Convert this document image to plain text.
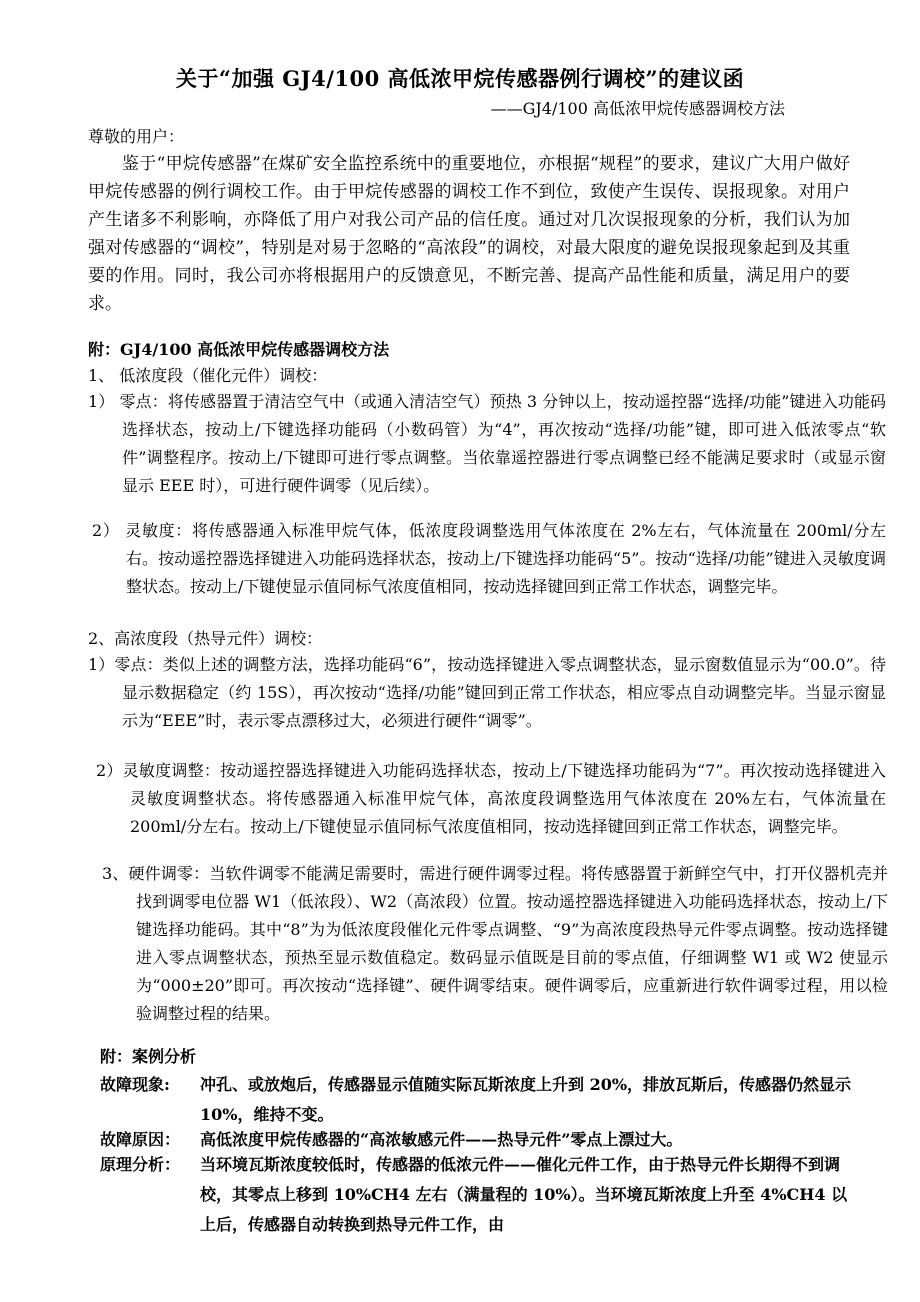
关于“加强 GJ4/100 高低浓甲烷传感器例行调校”的建议函
——GJ4/100 高低浓甲烷传感器调校方法
尊敬的用户：

鉴于“甲烷传感器”在煤矿安全监控系统中的重要地位，亦根据“规程”的要求，建议广大用户做好甲烷传感器的例行调校工作。由于甲烷传感器的调校工作不到位，致使产生误传、误报现象。对用户产生诸多不利影响，亦降低了用户对我公司产品的信任度。通过对几次误报现象的分析，我们认为加强对传感器的“调校”，特别是对易于忽略的“高浓段”的调校，对最大限度的避免误报现象起到及其重要的作用。同时，我公司亦将根据用户的反馈意见，不断完善、提高产品性能和质量，满足用户的要求。

附：GJ4/100 高低浓甲烷传感器调校方法

1、 低浓度段（催化元件）调校：

1） 零点：将传感器置于清洁空气中（或通入清洁空气）预热 3 分钟以上，按动遥控器“选择/功能”键进入功能码选择状态，按动上/下键选择功能码（小数码管）为“4”，再次按动“选择/功能”键，即可进入低浓零点“软件”调整程序。按动上/下键即可进行零点调整。当依靠遥控器进行零点调整已经不能满足要求时（或显示窗显示 EEE 时），可进行硬件调零（见后续）。

2） 灵敏度：将传感器通入标准甲烷气体，低浓度段调整选用气体浓度在 2%左右，气体流量在 200ml/分左右。按动遥控器选择键进入功能码选择状态，按动上/下键选择功能码“5”。按动“选择/功能”键进入灵敏度调整状态。按动上/下键使显示值同标气浓度值相同，按动选择键回到正常工作状态，调整完毕。

2、高浓度段（热导元件）调校：

1）零点：类似上述的调整方法，选择功能码“6”，按动选择键进入零点调整状态，显示窗数值显示为“00.0”。待显示数据稳定（约 15S），再次按动“选择/功能”键回到正常工作状态，相应零点自动调整完毕。当显示窗显示为“EEE”时，表示零点漂移过大，必须进行硬件“调零”。

2）灵敏度调整：按动遥控器选择键进入功能码选择状态，按动上/下键选择功能码为“7”。再次按动选择键进入灵敏度调整状态。将传感器通入标准甲烷气体，高浓度段调整选用气体浓度在 20%左右，气体流量在 200ml/分左右。按动上/下键使显示值同标气浓度值相同，按动选择键回到正常工作状态，调整完毕。

3、硬件调零：当软件调零不能满足需要时，需进行硬件调零过程。将传感器置于新鲜空气中，打开仪器机壳并找到调零电位器 W1（低浓段）、W2（高浓段）位置。按动遥控器选择键进入功能码选择状态，按动上/下键选择功能码。其中“8”为为低浓度段催化元件零点调整、“9”为高浓度段热导元件零点调整。按动选择键进入零点调整状态，预热至显示数值稳定。数码显示值既是目前的零点值，仔细调整 W1 或 W2 使显示为“000±20”即可。再次按动“选择键”、硬件调零结束。硬件调零后，应重新进行软件调零过程，用以检验调整过程的结果。

附：案例分析

故障现象:	冲孔、或放炮后，传感器显示值随实际瓦斯浓度上升到 20%，排放瓦斯后，传感器仍然显示 10%，维持不变。
故障原因：	高低浓度甲烷传感器的“高浓敏感元件——热导元件”零点上漂过大。
原理分析：	当环境瓦斯浓度较低时，传感器的低浓元件——催化元件工作，由于热导元件长期得不到调校，其零点上移到 10%CH4 左右（满量程的 10%）。当环境瓦斯浓度上升至 4%CH4 以上后，传感器自动转换到热导元件工作，由
